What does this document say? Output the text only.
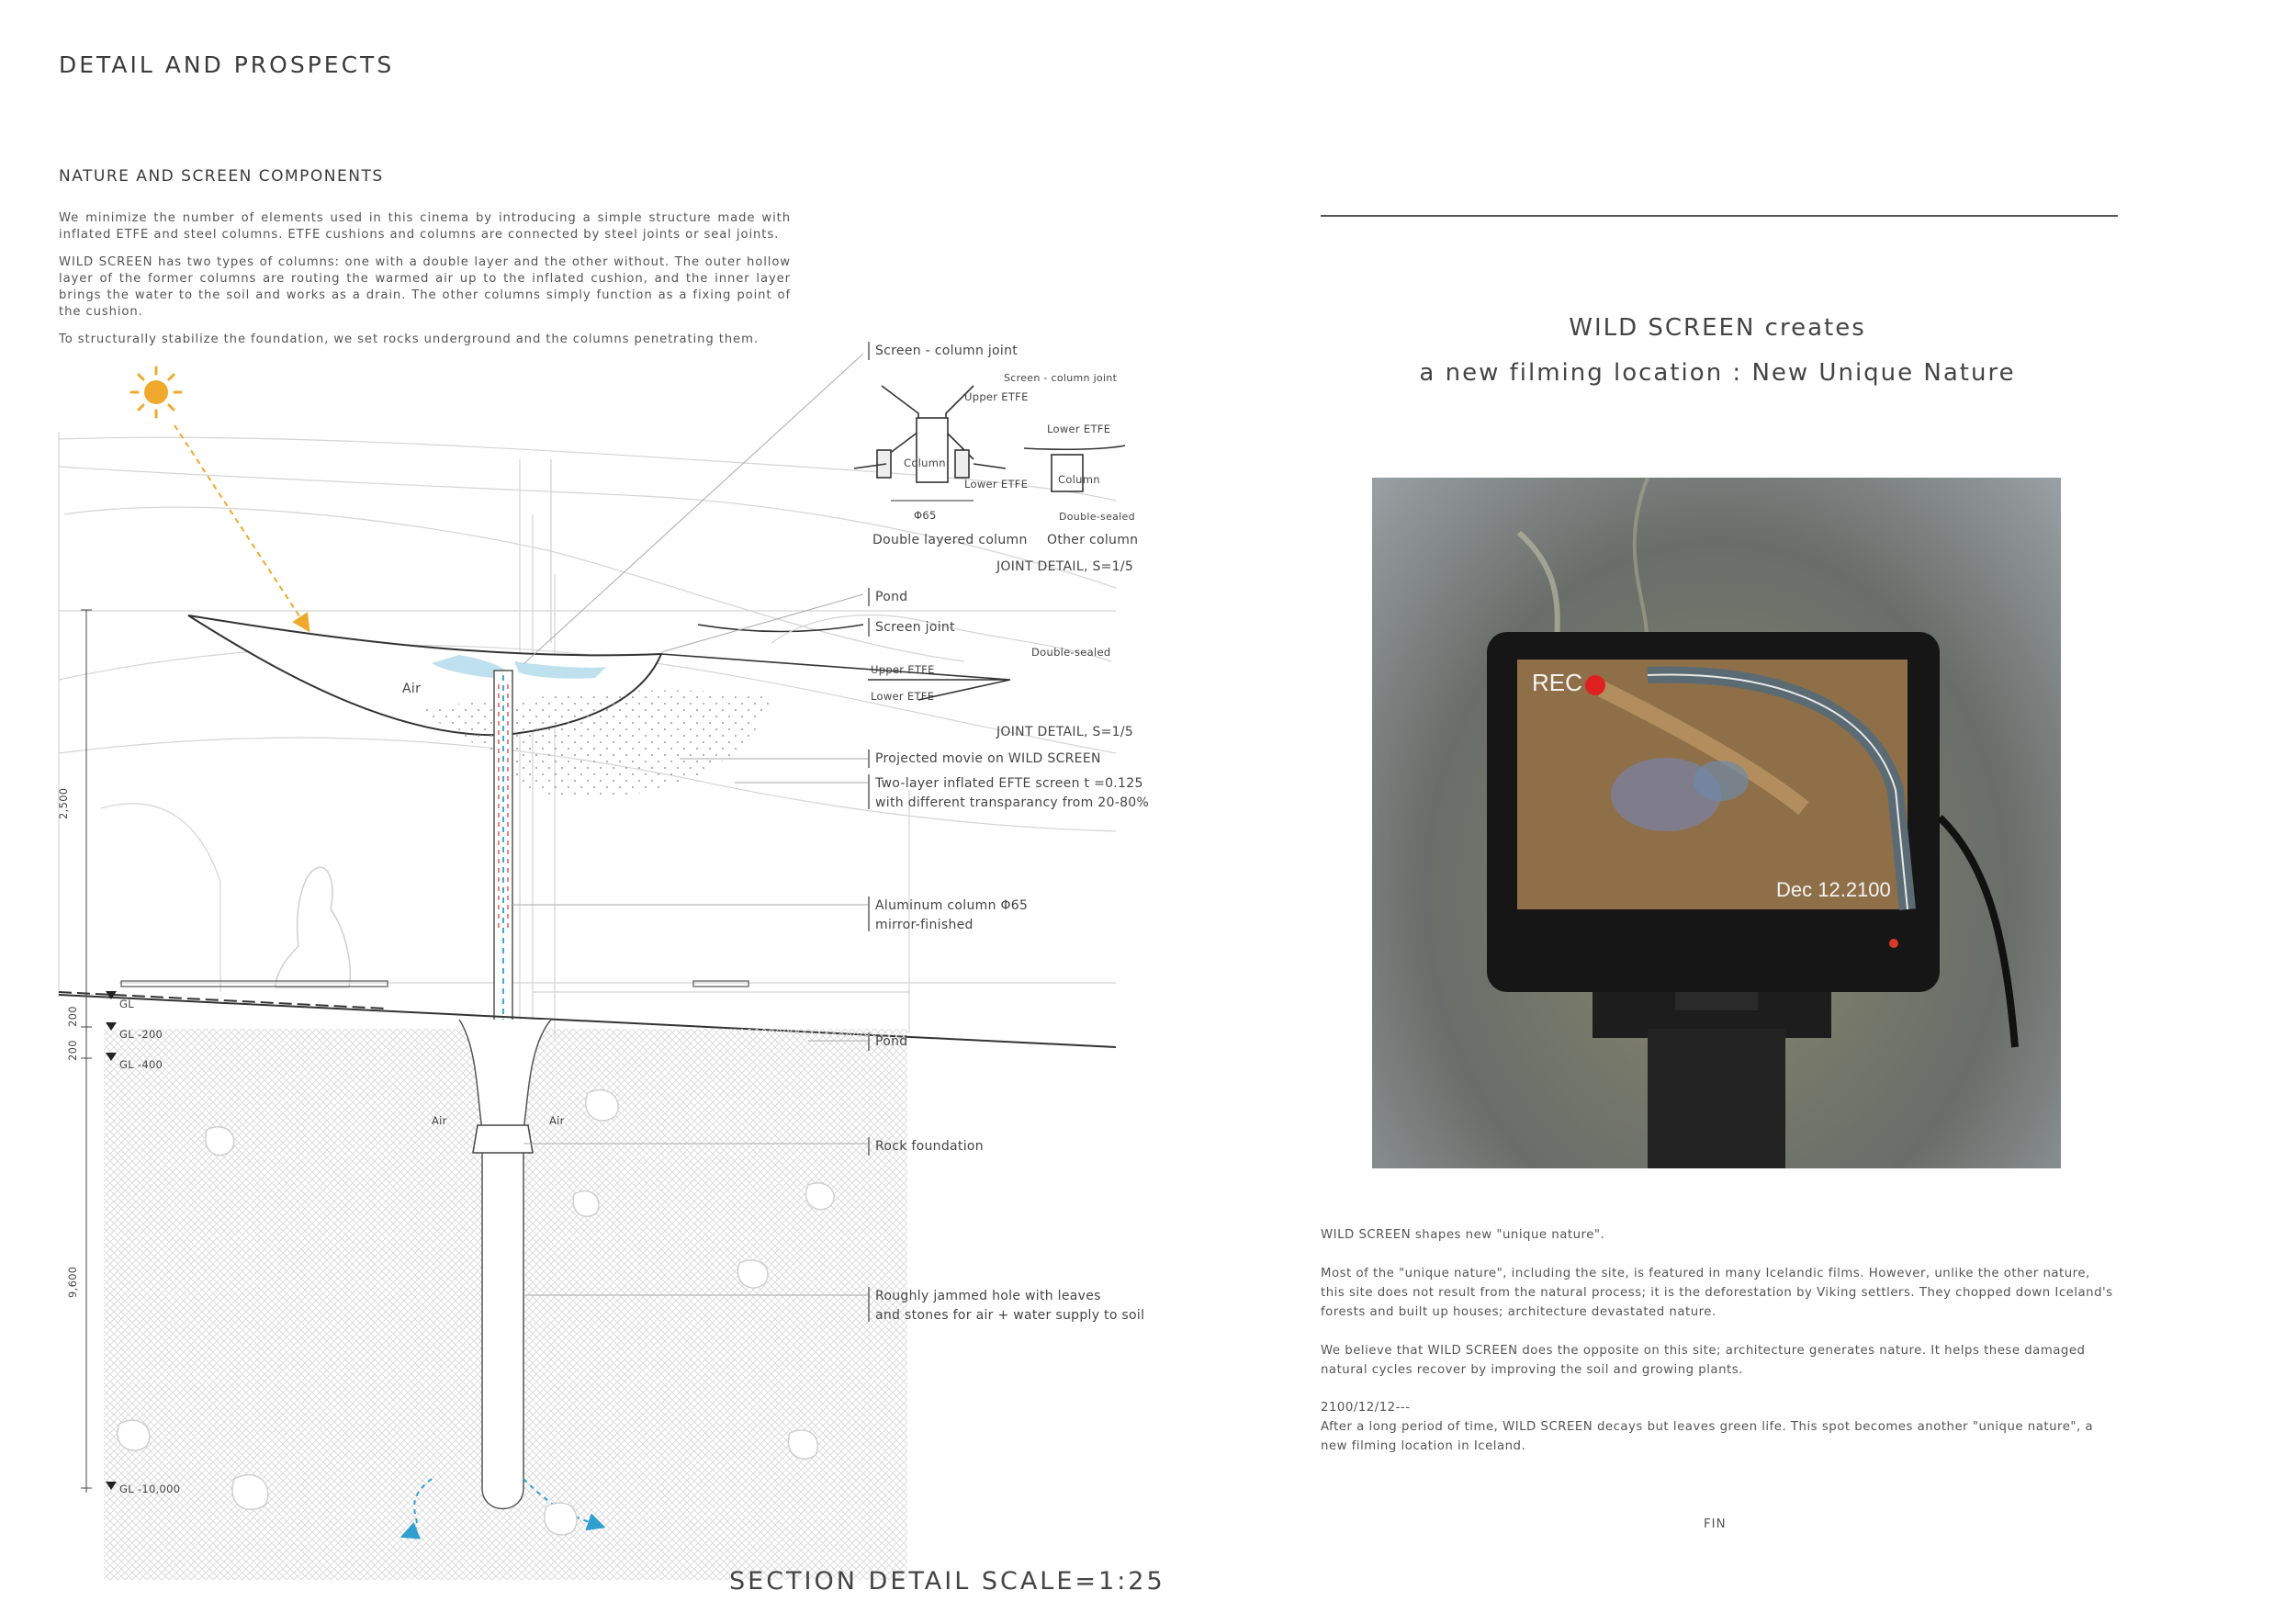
DETAIL AND PROSPECTS
NATURE AND SCREEN COMPONENTS

We minimize the number of elements used in this cinema by introducing a simple structure made with inflated ETFE and steel columns. ETFE cushions and columns are connected by steel joints or seal joints.

WILD SCREEN has two types of columns: one with a double layer and the other without. The outer hollow layer of the former columns are routing the warmed air up to the inflated cushion, and the inner layer brings the water to the soil and works as a drain. The other columns simply function as a fixing point of the cushion.

To structurally stabilize the foundation, we set rocks underground and the columns penetrating them.

Screen - column joint
Screen - column joint
Upper ETFE
Lower ETFE
Column
Column
Lower ETFE
Φ65	Double-sealed
Double layered column Other column
JOINT DETAIL, S=1/5
Pond
Screen joint
Double-sealed
Upper ETFE
Lower ETFE
JOINT DETAIL, S=1/5
Air
Projected movie on WILD SCREEN
Two-layer inflated EFTE screen t =0.125
with different transparancy from 20-80%
Aluminum column Φ65
mirror-finished
Pond
Air	Air
Rock foundation
Roughly jammed hole with leaves
and stones for air + water supply to soil
GL
GL -200
GL -400
GL -10,000
2,500
200
200
9,600
SECTION DETAIL SCALE=1:25
WILD SCREEN creates
a new filming location : New Unique Nature
REC
Dec 12.2100

WILD SCREEN shapes new "unique nature".

Most of the "unique nature", including the site, is featured in many Icelandic films. However, unlike the other nature, this site does not result from the natural process; it is the deforestation by Viking settlers. They chopped down Iceland's forests and built up houses; architecture devastated nature.

We believe that WILD SCREEN does the opposite on this site; architecture generates nature. It helps these damaged natural cycles recover by improving the soil and growing plants.

2100/12/12---

After a long period of time, WILD SCREEN decays but leaves green life. This spot becomes another "unique nature", a new filming location in Iceland.

FIN
